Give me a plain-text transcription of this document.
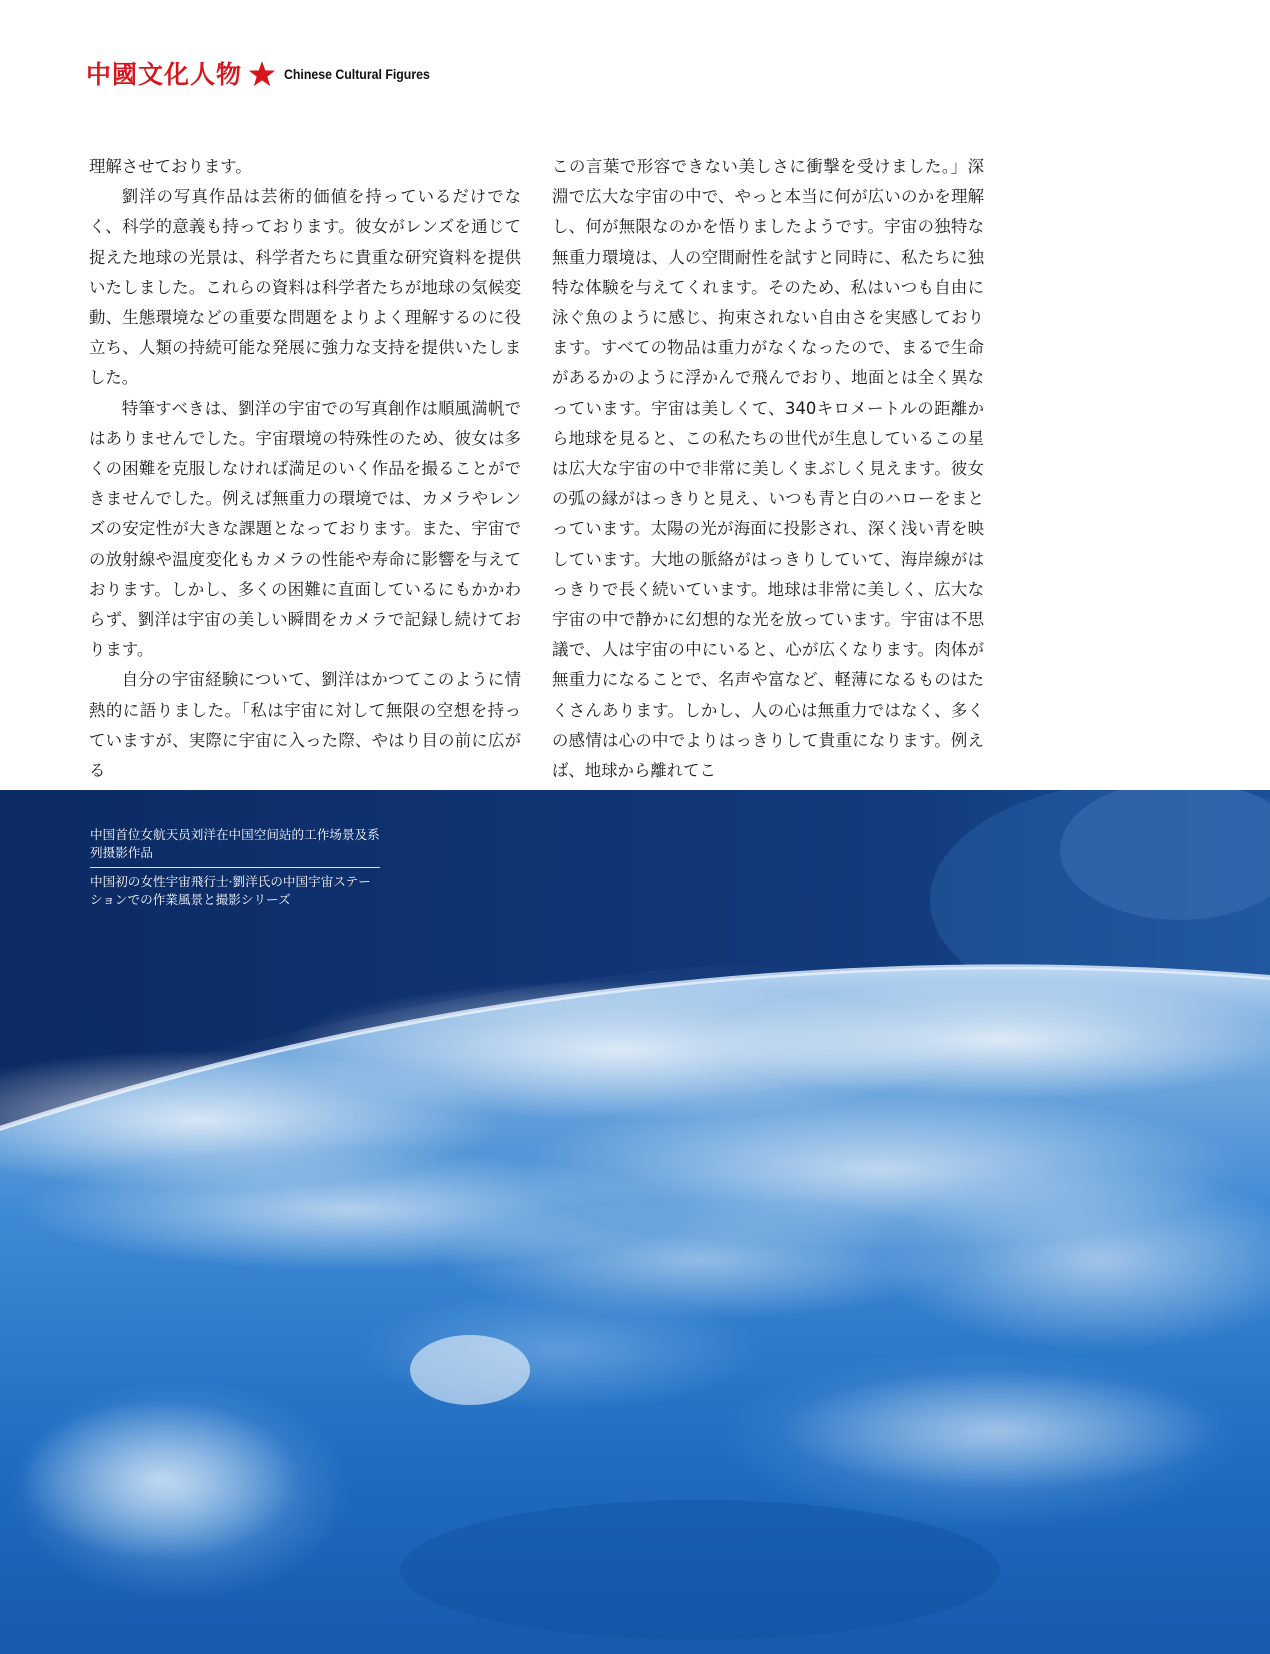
中國文化人物	Chinese Cultural Figures

理解させております。

劉洋の写真作品は芸術的価値を持っているだけでなく、科学的意義も持っております。彼女がレンズを通じて捉えた地球の光景は、科学者たちに貴重な研究資料を提供いたしました。これらの資料は科学者たちが地球の気候変動、生態環境などの重要な問題をよりよく理解するのに役立ち、人類の持続可能な発展に強力な支持を提供いたしました。

特筆すべきは、劉洋の宇宙での写真創作は順風満帆ではありませんでした。宇宙環境の特殊性のため、彼女は多くの困難を克服しなければ満足のいく作品を撮ることができませんでした。例えば無重力の環境では、カメラやレンズの安定性が大きな課題となっております。また、宇宙での放射線や温度変化もカメラの性能や寿命に影響を与えております。しかし、多くの困難に直面しているにもかかわらず、劉洋は宇宙の美しい瞬間をカメラで記録し続けております。

自分の宇宙経験について、劉洋はかつてこのように情熱的に語りました。「私は宇宙に対して無限の空想を持っていますが、実際に宇宙に入った際、やはり目の前に広がる

この言葉で形容できない美しさに衝撃を受けました。」深淵で広大な宇宙の中で、やっと本当に何が広いのかを理解し、何が無限なのかを悟りましたようです。宇宙の独特な無重力環境は、人の空間耐性を試すと同時に、私たちに独特な体験を与えてくれます。そのため、私はいつも自由に泳ぐ魚のように感じ、拘束されない自由さを実感しております。すべての物品は重力がなくなったので、まるで生命があるかのように浮かんで飛んでおり、地面とは全く異なっています。宇宙は美しくて、340キロメートルの距離から地球を見ると、この私たちの世代が生息しているこの星は広大な宇宙の中で非常に美しくまぶしく見えます。彼女の弧の縁がはっきりと見え、いつも青と白のハローをまとっています。太陽の光が海面に投影され、深く浅い青を映しています。大地の脈絡がはっきりしていて、海岸線がはっきりで長く続いています。地球は非常に美しく、広大な宇宙の中で静かに幻想的な光を放っています。宇宙は不思議で、人は宇宙の中にいると、心が広くなります。肉体が無重力になることで、名声や富など、軽薄になるものはたくさんあります。しかし、人の心は無重力ではなく、多くの感情は心の中でよりはっきりして貴重になります。例えば、地球から離れてこ

中国首位女航天员刘洋在中国空间站的工作场景及系列摄影作品
中国初の女性宇宙飛行士·劉洋氏の中国宇宙ステーションでの作業風景と撮影シリーズ
